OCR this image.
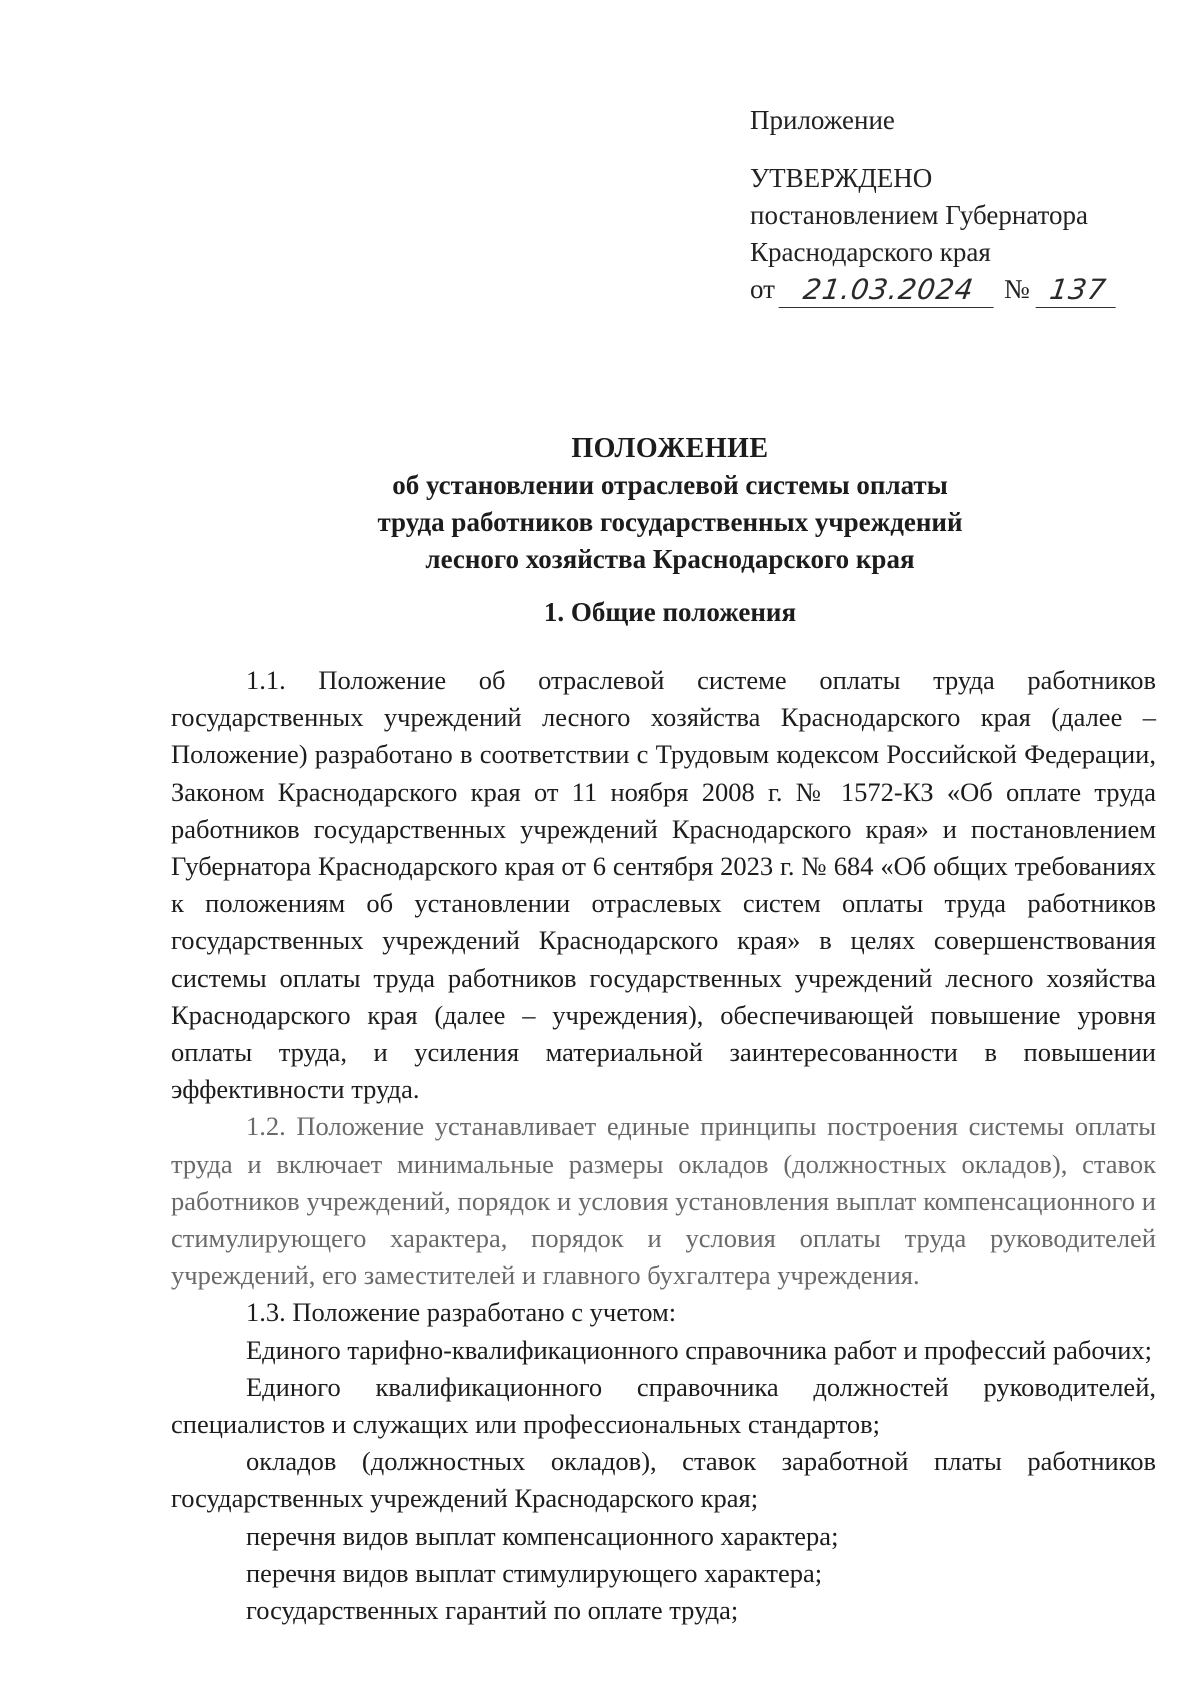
Приложение
УТВЕРЖДЕНО
постановлением Губернатора
Краснодарского края
от 21.03.2024	№ 137
ПОЛОЖЕНИЕ
об установлении отраслевой системы оплаты
труда работников государственных учреждений
лесного хозяйства Краснодарского края
1. Общие положения

1.1. Положение об отраслевой системе оплаты труда работников государственных учреждений лесного хозяйства Краснодарского края (далее – Положение) разработано в соответствии с Трудовым кодексом Российской Федерации, Законом Краснодарского края от 11 ноября 2008 г. № 1572-КЗ «Об оплате труда работников государственных учреждений Краснодарского края» и постановлением Губернатора Краснодарского края от 6 сентября 2023 г. № 684 «Об общих требованиях к положениям об установлении отраслевых систем оплаты труда работников государственных учреждений Краснодарского края» в целях совершенствования системы оплаты труда работников государственных учреждений лесного хозяйства Краснодарского края (далее – учреждения), обеспечивающей повышение уровня оплаты труда, и усиления материальной заинтересованности в повышении эффективности труда.

1.2. Положение устанавливает единые принципы построения системы оплаты труда и включает минимальные размеры окладов (должностных окладов), ставок работников учреждений, порядок и условия установления выплат компенсационного и стимулирующего характера, порядок и условия оплаты труда руководителей учреждений, его заместителей и главного бухгалтера учреждения.

1.3. Положение разработано с учетом:

Единого тарифно-квалификационного справочника работ и профессий рабочих;

Единого квалификационного справочника должностей руководителей, специалистов и служащих или профессиональных стандартов;

окладов (должностных окладов), ставок заработной платы работников государственных учреждений Краснодарского края;

перечня видов выплат компенсационного характера;

перечня видов выплат стимулирующего характера;

государственных гарантий по оплате труда;
